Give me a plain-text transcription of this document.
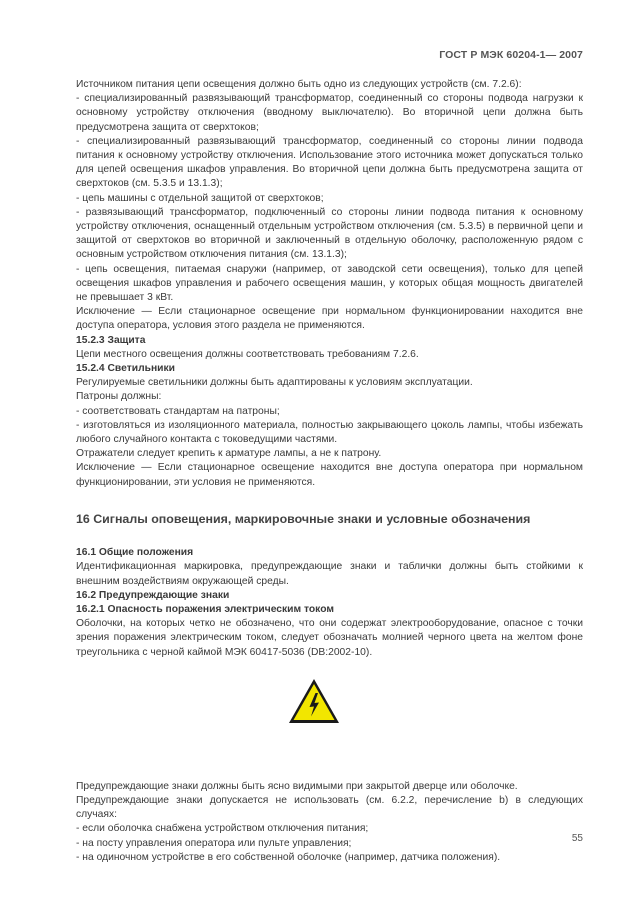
ГОСТ Р МЭК 60204-1— 2007

Источником питания цепи освещения должно быть одно из следующих устройств (см. 7.2.6):

- специализированный развязывающий трансформатор, соединенный со стороны подвода нагрузки к основному устройству отключения (вводному выключателю). Во вторичной цепи должна быть предусмотрена защита от сверхтоков;

- специализированный развязывающий трансформатор, соединенный со стороны линии подвода питания к основному устройству отключения. Использование этого источника может допускаться только для цепей освещения шкафов управления. Во вторичной цепи должна быть предусмотрена защита от сверхтоков (см. 5.3.5 и 13.1.3);

- цепь машины с отдельной защитой от сверхтоков;

- развязывающий трансформатор, подключенный со стороны линии подвода питания к основному устройству отключения, оснащенный отдельным устройством отключения (см. 5.3.5) в первичной цепи и защитой от сверхтоков во вторичной и заключенный в отдельную оболочку, расположенную рядом с основным устройством отключения питания (см. 13.1.3);

- цепь освещения, питаемая снаружи (например, от заводской сети освещения), только для цепей освещения шкафов управления и рабочего освещения машин, у которых общая мощность двигателей не превышает 3 кВт.

Исключение — Если стационарное освещение при нормальном функционировании находится вне доступа оператора, условия этого раздела не применяются.

15.2.3 Защита

Цепи местного освещения должны соответствовать требованиям 7.2.6.

15.2.4 Светильники

Регулируемые светильники должны быть адаптированы к условиям эксплуатации.

Патроны должны:

- соответствовать стандартам на патроны;

- изготовляться из изоляционного материала, полностью закрывающего цоколь лампы, чтобы избежать любого случайного контакта с токоведущими частями.

Отражатели следует крепить к арматуре лампы, а не к патрону.

Исключение — Если стационарное освещение находится вне доступа оператора при нормальном функционировании, эти условия не применяются.

16 Сигналы оповещения, маркировочные знаки и условные обозначения

16.1 Общие положения

Идентификационная маркировка, предупреждающие знаки и таблички должны быть стойкими к внешним воздействиям окружающей среды.

16.2 Предупреждающие знаки

16.2.1 Опасность поражения электрическим током

Оболочки, на которых четко не обозначено, что они содержат электрооборудование, опасное с точки зрения поражения электрическим током, следует обозначать молнией черного цвета на желтом фоне треугольника с черной каймой МЭК 60417-5036 (DB:2002-10).

Предупреждающие знаки должны быть ясно видимыми при закрытой дверце или оболочке.

Предупреждающие знаки допускается не использовать (см. 6.2.2, перечисление b) в следующих случаях:

- если оболочка снабжена устройством отключения питания;

- на посту управления оператора или пульте управления;

- на одиночном устройстве в его собственной оболочке (например, датчика положения).

55
